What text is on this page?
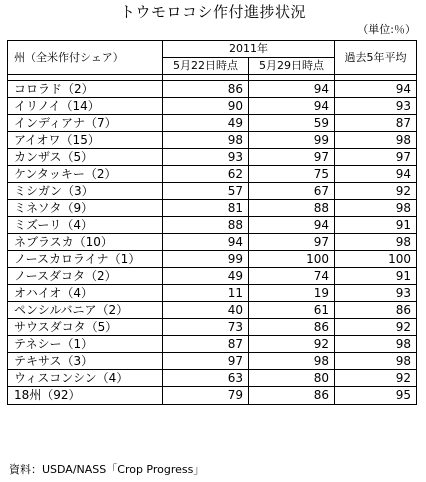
トウモロコシ作付進捗状況
（単位:％）
州（全米作付シェア）	2011年		過去5年平均
	5月22日時点	5月29日時点	

コロラド（2）	86	94	94
イリノイ（14）	90	94	93
インディアナ（7）	49	59	87
アイオワ（15）	98	99	98
カンザス（5）	93	97	97
ケンタッキー（2）	62	75	94
ミシガン（3）	57	67	92
ミネソタ（9）	81	88	98
ミズーリ（4）	88	94	91
ネブラスカ（10）	94	97	98
ノースカロライナ（1）	99	100	100
ノースダコタ（2）	49	74	91
オハイオ（4）	11	19	93
ペンシルバニア（2）	40	61	86
サウスダコタ（5）	73	86	92
テネシー（1）	87	92	98
テキサス（3）	97	98	98
ウィスコンシン（4）	63	80	92
18州（92）	79	86	95
資料：USDA/NASS「Crop Progress」
